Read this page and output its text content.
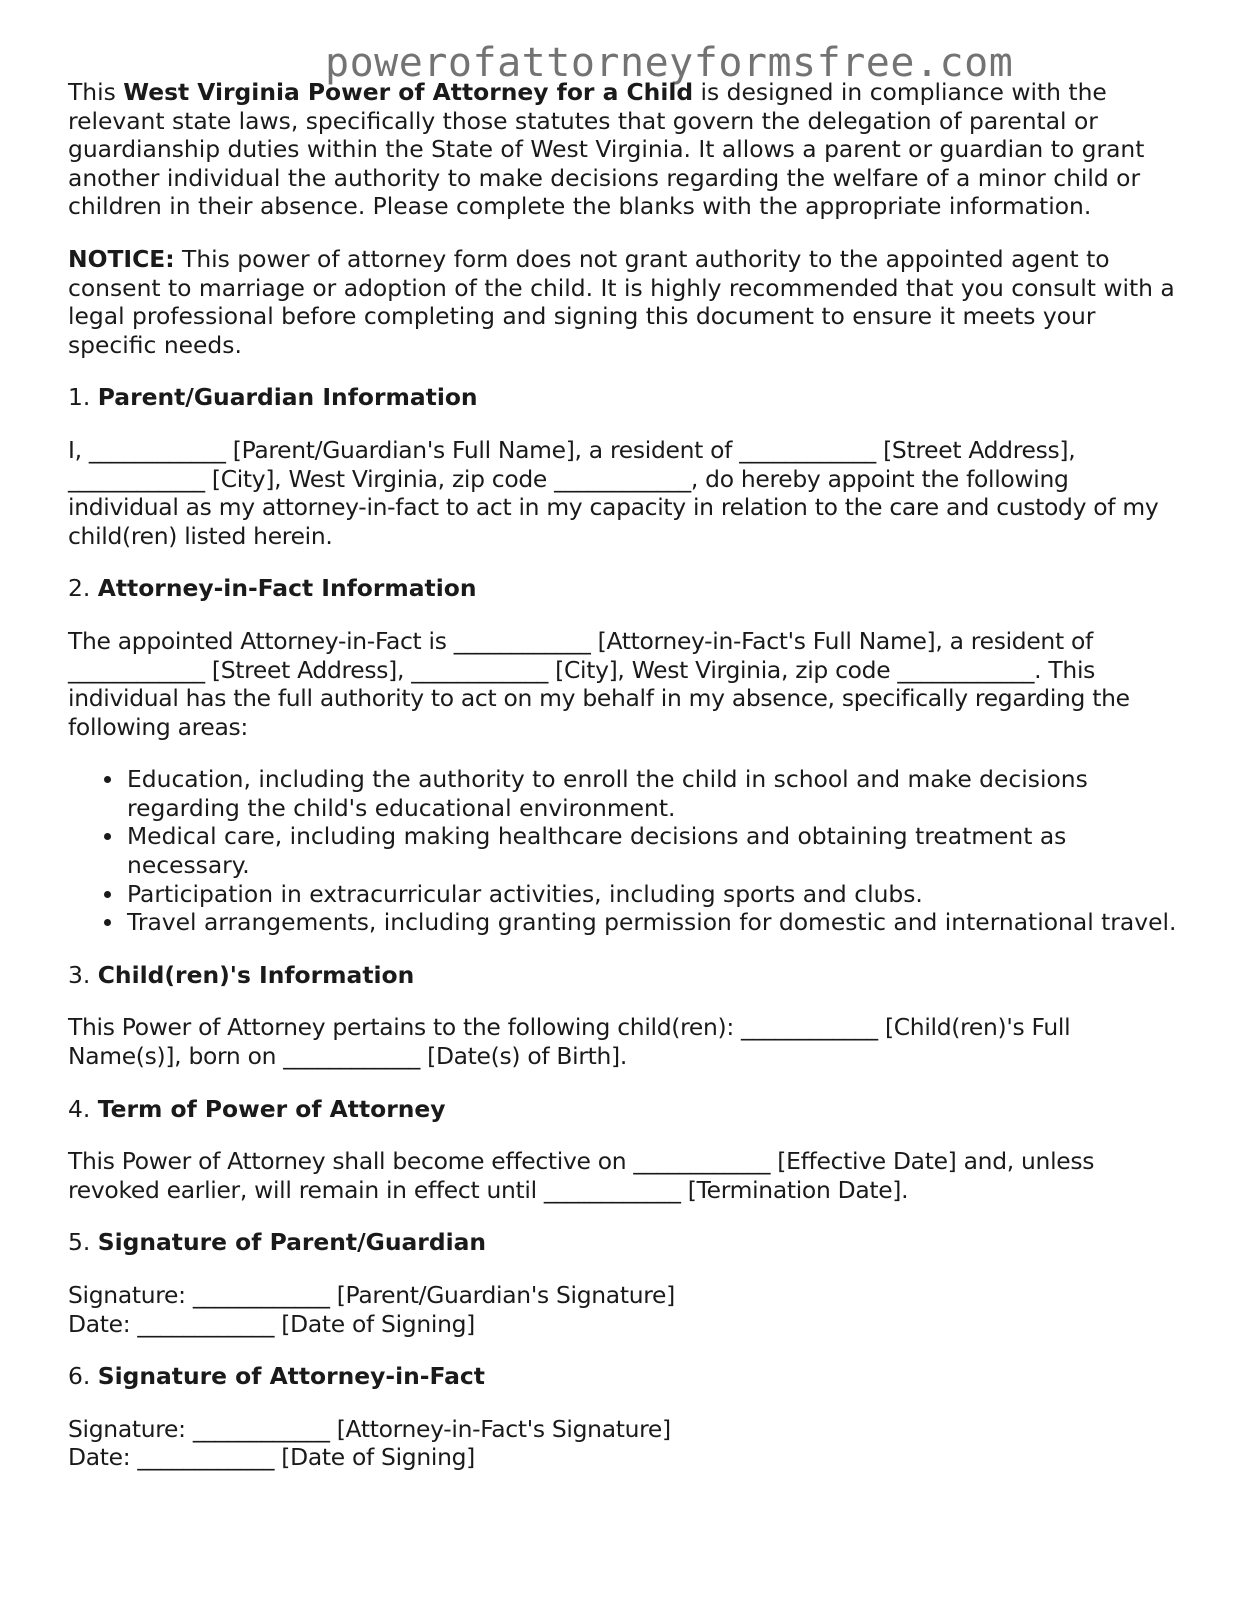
powerofattorneyformsfree.com

This West Virginia Power of Attorney for a Child is designed in compliance with the relevant state laws, specifically those statutes that govern the delegation of parental or guardianship duties within the State of West Virginia. It allows a parent or guardian to grant another individual the authority to make decisions regarding the welfare of a minor child or children in their absence. Please complete the blanks with the appropriate information.

NOTICE: This power of attorney form does not grant authority to the appointed agent to consent to marriage or adoption of the child. It is highly recommended that you consult with a legal professional before completing and signing this document to ensure it meets your specific needs.

1. Parent/Guardian Information

I, ____________ [Parent/Guardian's Full Name], a resident of ____________ [Street Address], ____________ [City], West Virginia, zip code ____________, do hereby appoint the following individual as my attorney-in-fact to act in my capacity in relation to the care and custody of my child(ren) listed herein.

2. Attorney-in-Fact Information

The appointed Attorney-in-Fact is ____________ [Attorney-in-Fact's Full Name], a resident of ____________ [Street Address], ____________ [City], West Virginia, zip code ____________. This individual has the full authority to act on my behalf in my absence, specifically regarding the following areas:

Education, including the authority to enroll the child in school and make decisions regarding the child's educational environment.
Medical care, including making healthcare decisions and obtaining treatment as necessary.
Participation in extracurricular activities, including sports and clubs.
Travel arrangements, including granting permission for domestic and international travel.

3. Child(ren)'s Information

This Power of Attorney pertains to the following child(ren): ____________ [Child(ren)'s Full Name(s)], born on ____________ [Date(s) of Birth].

4. Term of Power of Attorney

This Power of Attorney shall become effective on ____________ [Effective Date] and, unless revoked earlier, will remain in effect until ____________ [Termination Date].

5. Signature of Parent/Guardian

Signature: ____________ [Parent/Guardian's Signature]

Date: ____________ [Date of Signing]

6. Signature of Attorney-in-Fact

Signature: ____________ [Attorney-in-Fact's Signature]

Date: ____________ [Date of Signing]
